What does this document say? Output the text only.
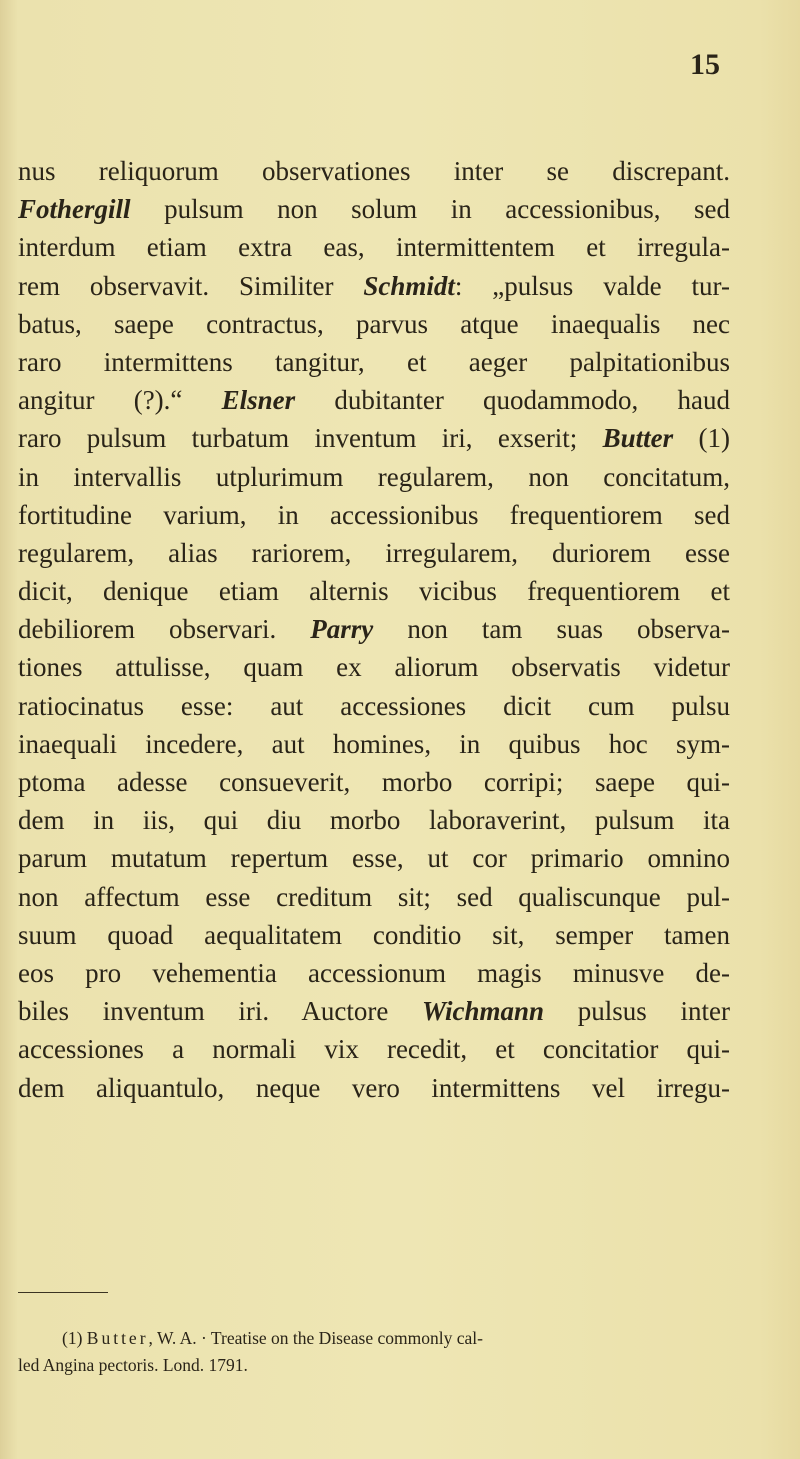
15
nus reliquorum observationes inter se discrepant.
Fothergill pulsum non solum in accessionibus, sed
interdum etiam extra eas, intermittentem et irregula-
rem observavit. Similiter Schmidt: „pulsus valde tur-
batus, saepe contractus, parvus atque inaequalis nec
raro intermittens tangitur, et aeger palpitationibus
angitur (?).“ Elsner dubitanter quodammodo, haud
raro pulsum turbatum inventum iri, exserit; Butter (1)
in intervallis utplurimum regularem, non concitatum,
fortitudine varium, in accessionibus frequentiorem sed
regularem, alias rariorem, irregularem, duriorem esse
dicit, denique etiam alternis vicibus frequentiorem et
debiliorem observari. Parry non tam suas observa-
tiones attulisse, quam ex aliorum observatis videtur
ratiocinatus esse: aut accessiones dicit cum pulsu
inaequali incedere, aut homines, in quibus hoc sym-
ptoma adesse consueverit, morbo corripi; saepe qui-
dem in iis, qui diu morbo laboraverint, pulsum ita
parum mutatum repertum esse, ut cor primario omnino
non affectum esse creditum sit; sed qualiscunque pul-
suum quoad aequalitatem conditio sit, semper tamen
eos pro vehementia accessionum magis minusve de-
biles inventum iri. Auctore Wichmann pulsus inter
accessiones a normali vix recedit, et concitatior qui-
dem aliquantulo, neque vero intermittens vel irregu-
(1) Butter, W. A. · Treatise on the Disease commonly cal-
led Angina pectoris. Lond. 1791.
